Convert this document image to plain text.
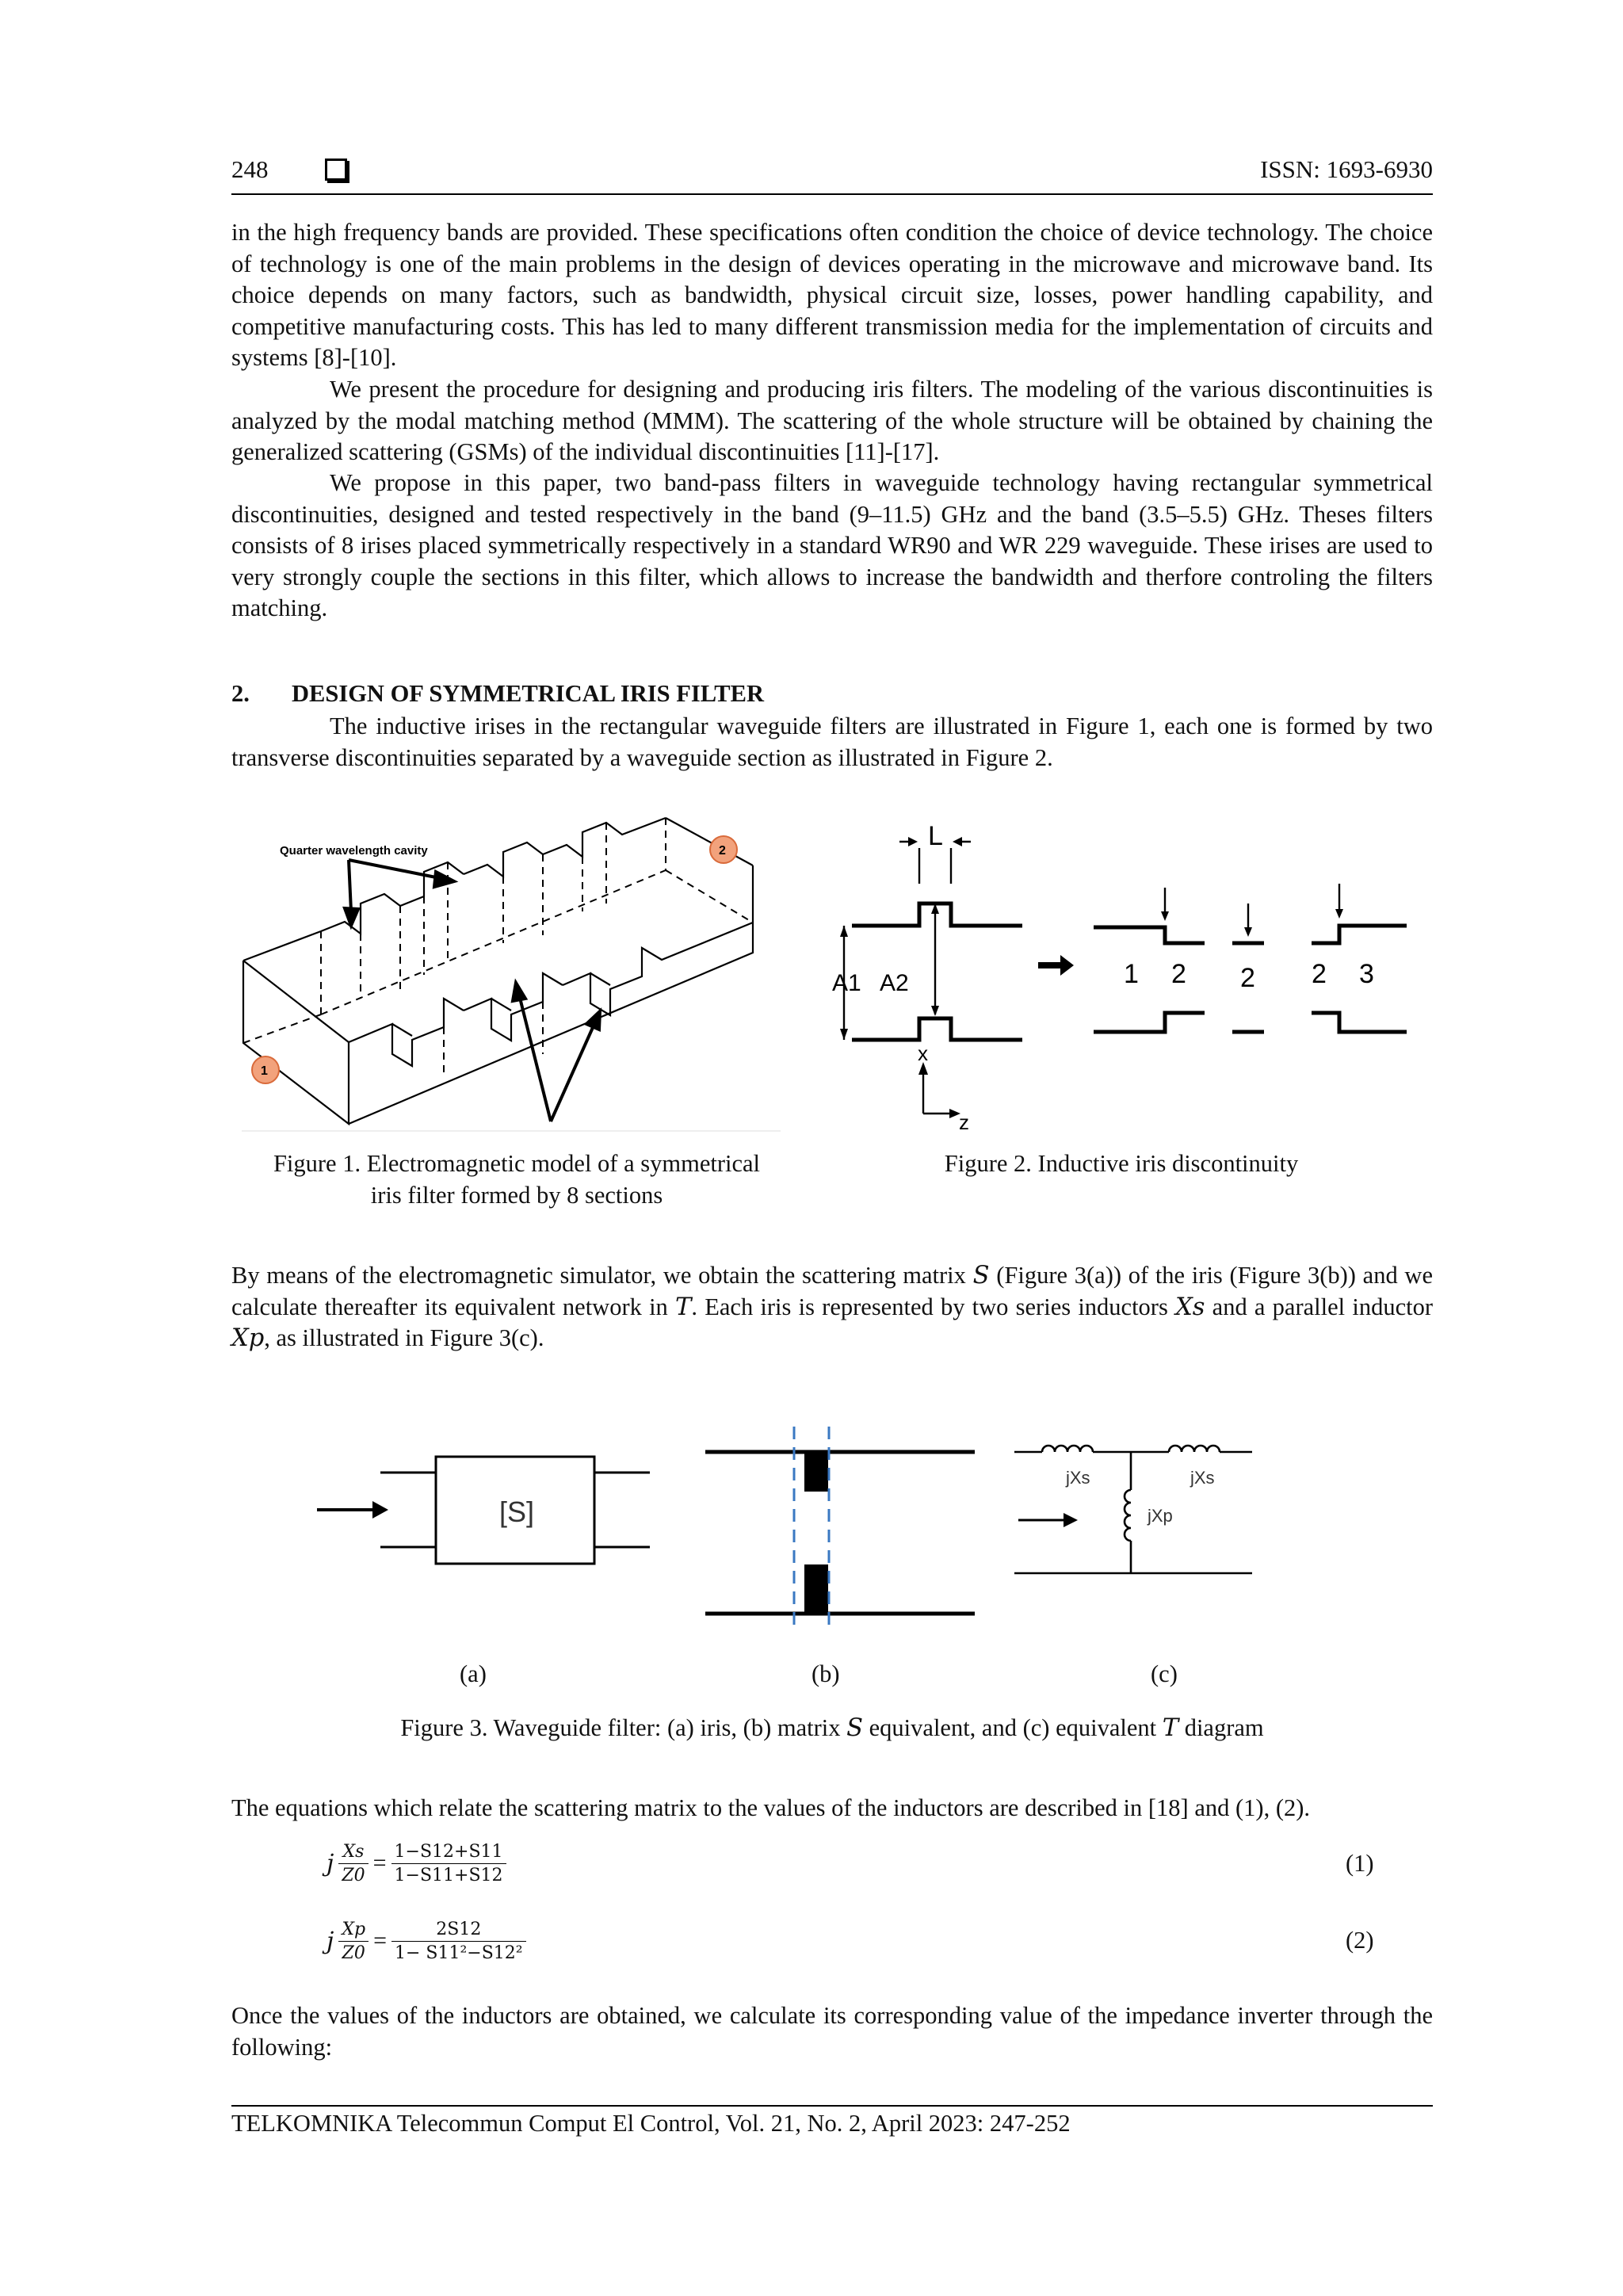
248	ISSN: 1693-6930

in the high frequency bands are provided. These specifications often condition the choice of device technology. The choice of technology is one of the main problems in the design of devices operating in the microwave and microwave band. Its choice depends on many factors, such as bandwidth, physical circuit size, losses, power handling capability, and competitive manufacturing costs. This has led to many different transmission media for the implementation of circuits and systems [8]-[10].

We present the procedure for designing and producing iris filters. The modeling of the various discontinuities is analyzed by the modal matching method (MMM). The scattering of the whole structure will be obtained by chaining the generalized scattering (GSMs) of the individual discontinuities [11]-[17].

We propose in this paper, two band-pass filters in waveguide technology having rectangular symmetrical discontinuities, designed and tested respectively in the band (9–11.5) GHz and the band (3.5–5.5) GHz. Theses filters consists of 8 irises placed symmetrically respectively in a standard WR90 and WR 229 waveguide. These irises are used to very strongly couple the sections in this filter, which allows to increase the bandwidth and therfore controling the filters matching.

2. DESIGN OF SYMMETRICAL IRIS FILTER

The inductive irises in the rectangular waveguide filters are illustrated in Figure 1, each one is formed by two transverse discontinuities separated by a waveguide section as illustrated in Figure 2.

Quarter wavelength cavity	2
1
L
A1 A2
x
z
1 2 2 2 3
Figure 1. Electromagnetic model of a symmetrical
iris filter formed by 8 sections
Figure 2. Inductive iris discontinuity

By means of the electromagnetic simulator, we obtain the scattering matrix S (Figure 3(a)) of the iris (Figure 3(b)) and we calculate thereafter its equivalent network in T. Each iris is represented by two series inductors Xs and a parallel inductor Xp, as illustrated in Figure 3(c).

[S]
jXs	jXs
jXp
(a)	(b)	(c)
Figure 3. Waveguide filter: (a) iris, (b) matrix S equivalent, and (c) equivalent T diagram

The equations which relate the scattering matrix to the values of the inductors are described in [18] and (1), (2).

j $\frac{Xs}{Z0} = \frac{1-S12+S11}{1-S11+S12}$	(1)
j $\frac{Xp}{Z0} = \frac{2S12}{\text{1− S11²−S12²}}$	(2)

Once the values of the inductors are obtained, we calculate its corresponding value of the impedance inverter through the following:

TELKOMNIKA Telecommun Comput El Control, Vol. 21, No. 2, April 2023: 247-252
